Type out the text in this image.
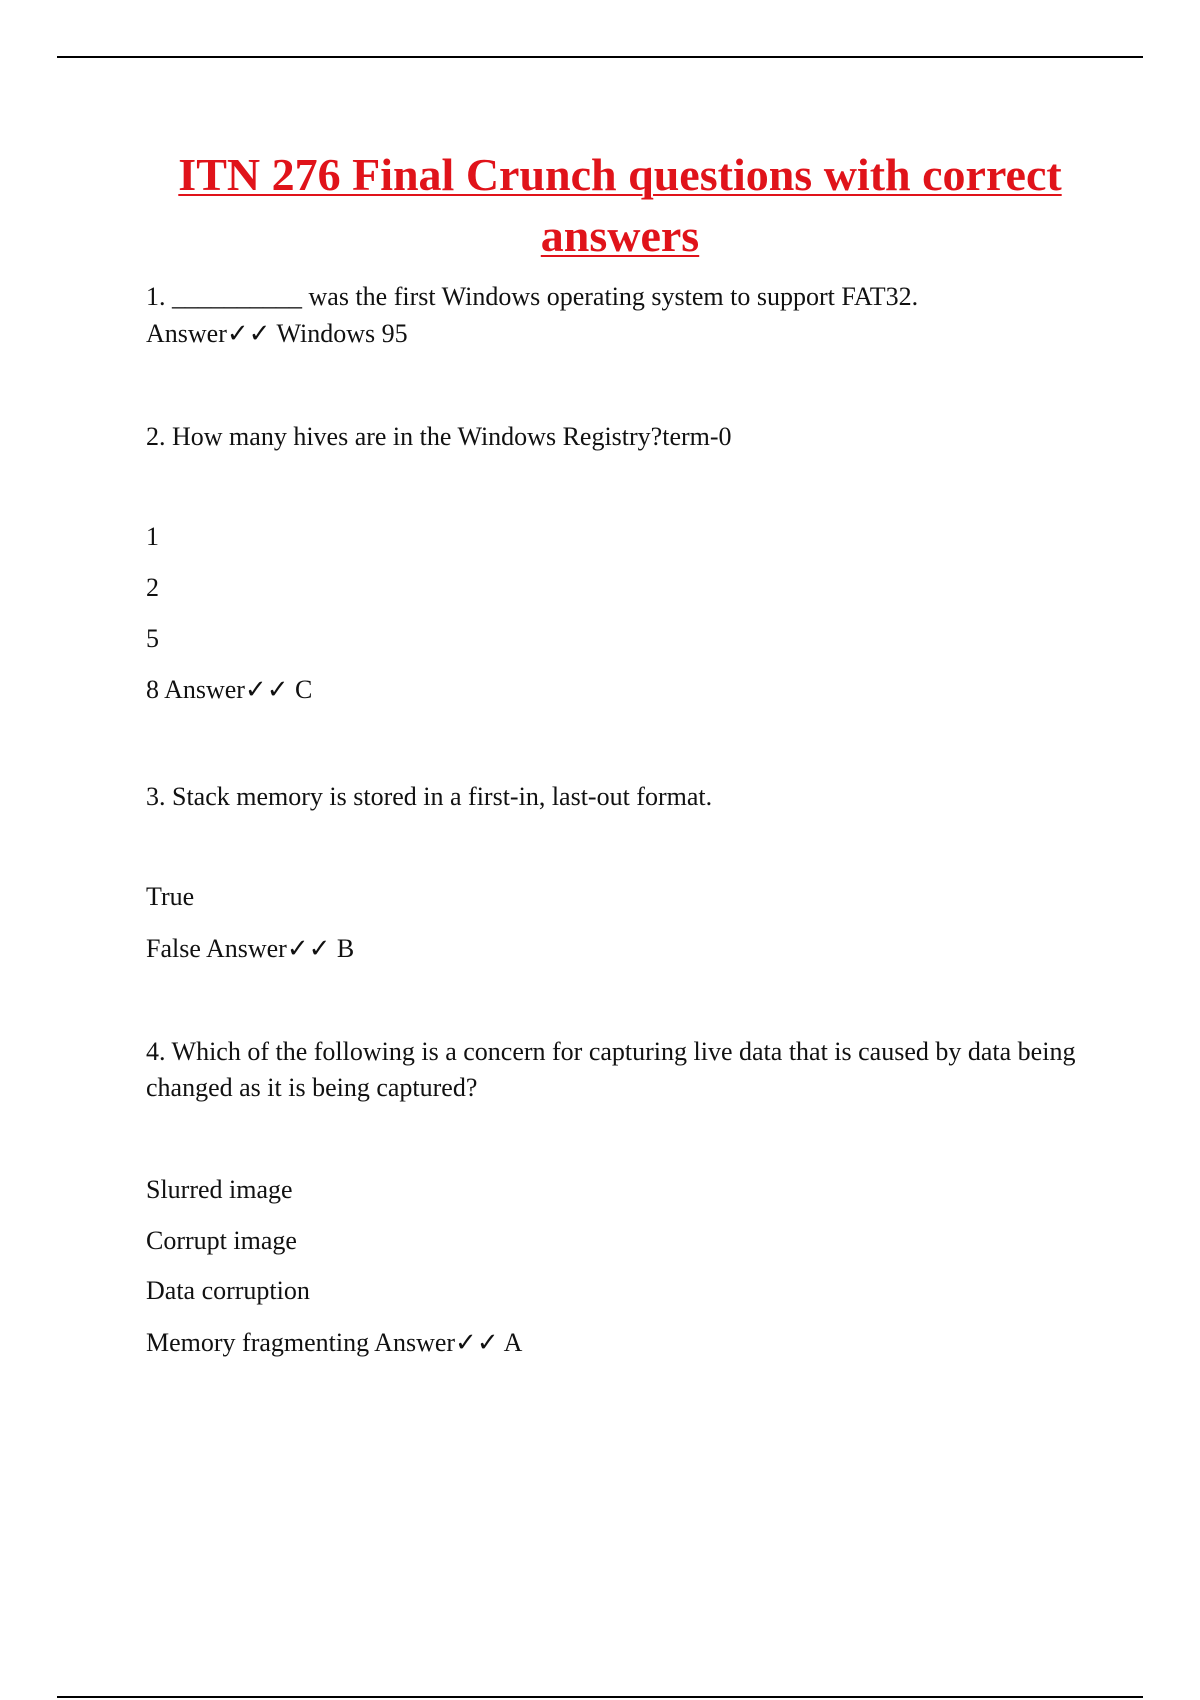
ITN 276 Final Crunch questions with correct answers

1. __________ was the first Windows operating system to support FAT32.

Answer✓✓ Windows 95

2. How many hives are in the Windows Registry?term-0

1

2

5

8 Answer✓✓ C

3. Stack memory is stored in a first-in, last-out format.

True

False Answer✓✓ B

4. Which of the following is a concern for capturing live data that is caused by data being changed as it is being captured?

Slurred image

Corrupt image

Data corruption

Memory fragmenting Answer✓✓ A
